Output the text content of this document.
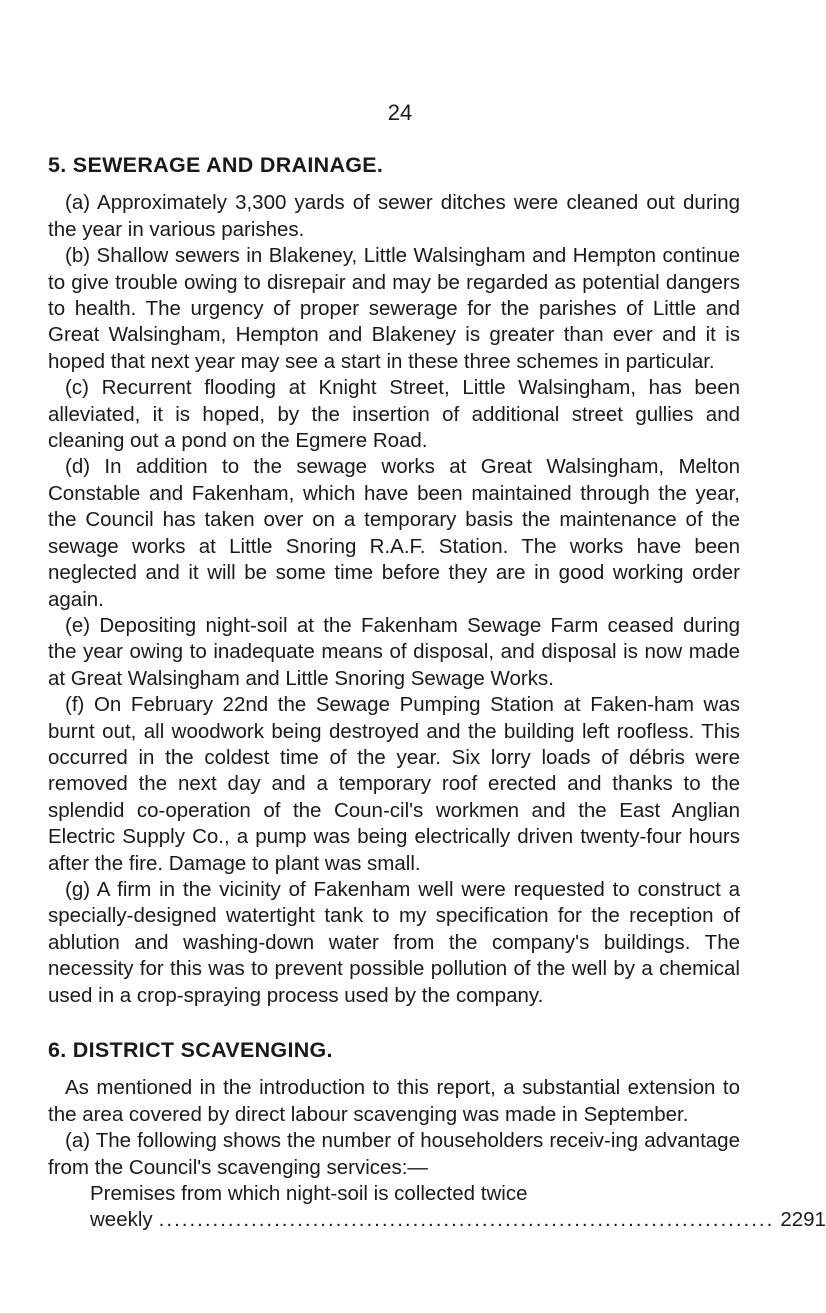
24
5. SEWERAGE AND DRAINAGE.

(a) Approximately 3,300 yards of sewer ditches were cleaned out during the year in various parishes.

(b) Shallow sewers in Blakeney, Little Walsingham and Hempton continue to give trouble owing to disrepair and may be regarded as potential dangers to health. The urgency of proper sewerage for the parishes of Little and Great Walsingham, Hempton and Blakeney is greater than ever and it is hoped that next year may see a start in these three schemes in particular.

(c) Recurrent flooding at Knight Street, Little Walsingham, has been alleviated, it is hoped, by the insertion of additional street gullies and cleaning out a pond on the Egmere Road.

(d) In addition to the sewage works at Great Walsingham, Melton Constable and Fakenham, which have been maintained through the year, the Council has taken over on a temporary basis the maintenance of the sewage works at Little Snoring R.A.F. Station. The works have been neglected and it will be some time before they are in good working order again.

(e) Depositing night-soil at the Fakenham Sewage Farm ceased during the year owing to inadequate means of disposal, and disposal is now made at Great Walsingham and Little Snoring Sewage Works.

(f) On February 22nd the Sewage Pumping Station at Faken-ham was burnt out, all woodwork being destroyed and the building left roofless. This occurred in the coldest time of the year. Six lorry loads of débris were removed the next day and a temporary roof erected and thanks to the splendid co-operation of the Coun-cil's workmen and the East Anglian Electric Supply Co., a pump was being electrically driven twenty-four hours after the fire. Damage to plant was small.

(g) A firm in the vicinity of Fakenham well were requested to construct a specially-designed watertight tank to my specification for the reception of ablution and washing-down water from the company's buildings. The necessity for this was to prevent possible pollution of the well by a chemical used in a crop-spraying process used by the company.

6. DISTRICT SCAVENGING.

As mentioned in the introduction to this report, a substantial extension to the area covered by direct labour scavenging was made in September.

(a) The following shows the number of householders receiv-ing advantage from the Council's scavenging services:—

Premises from which night-soil is collected twice
weekly ................................................................................ 2291
